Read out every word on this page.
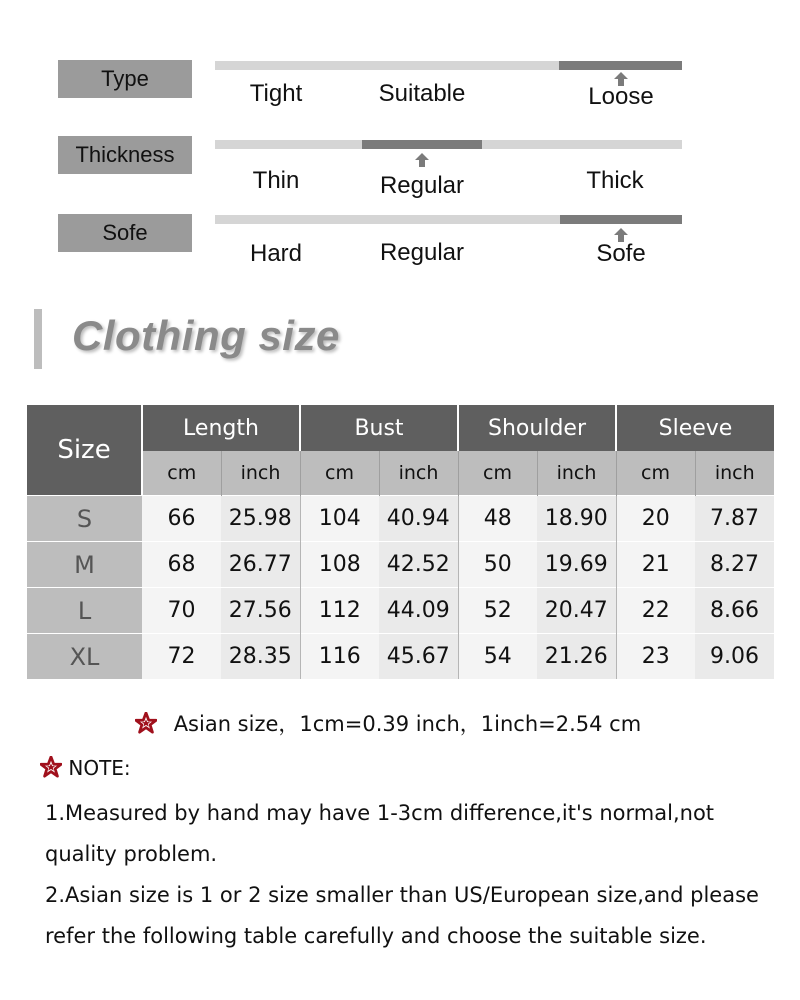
Type
Tight	Suitable	Loose
Thickness
Thin	Regular	Thick
Sofe
Hard	Regular	Sofe
Clothing size
Size	Length		Bust		Shoulder		Sleeve	
	cm	inch	cm	inch	cm	inch	cm	inch
S	66	25.98	104	40.94	48	18.90	20	7.87
M	68	26.77	108	42.52	50	19.69	21	8.27
L	70	27.56	112	44.09	52	20.47	22	8.66
XL	72	28.35	116	45.67	54	21.26	23	9.06
Asian size，1cm=0.39 inch，1inch=2.54 cm
NOTE:

1.Measured by hand may have 1-3cm difference,it's normal,not quality problem.

2.Asian size is 1 or 2 size smaller than US/European size,and please refer the following table carefully and choose the suitable size.
